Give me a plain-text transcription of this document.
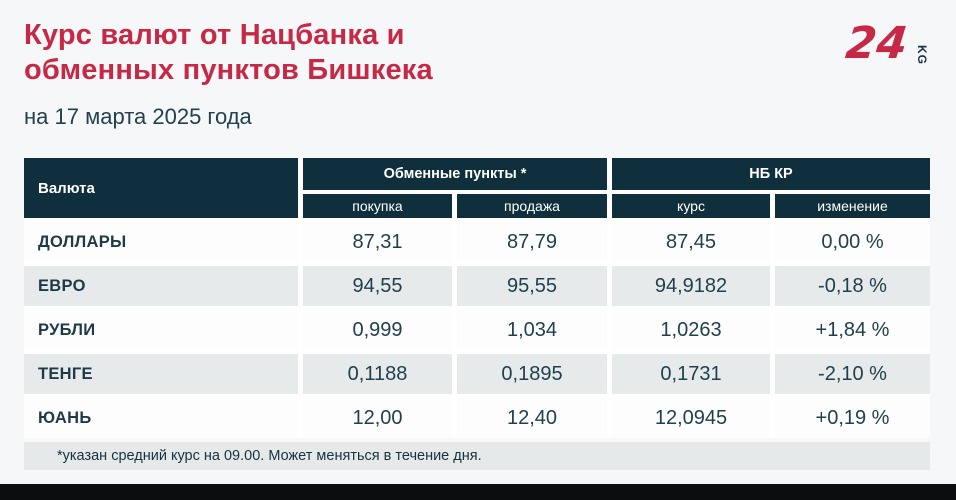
24 KG
Курс валют от Нацбанка и
обменных пунктов Бишкека
на 17 марта 2025 года
Валюта
Обменные пункты *	НБ КР
покупка	продажа	курс	изменение
ДОЛЛАРЫ	87,31	87,79	87,45	0,00 %
ЕВРО	94,55	95,55	94,9182	-0,18 %
РУБЛИ	0,999	1,034	1,0263	+1,84 %
ТЕНГЕ	0,1188	0,1895	0,1731	-2,10 %
ЮАНЬ	12,00	12,40	12,0945	+0,19 %
*указан средний курс на 09.00. Может меняться в течение дня.
